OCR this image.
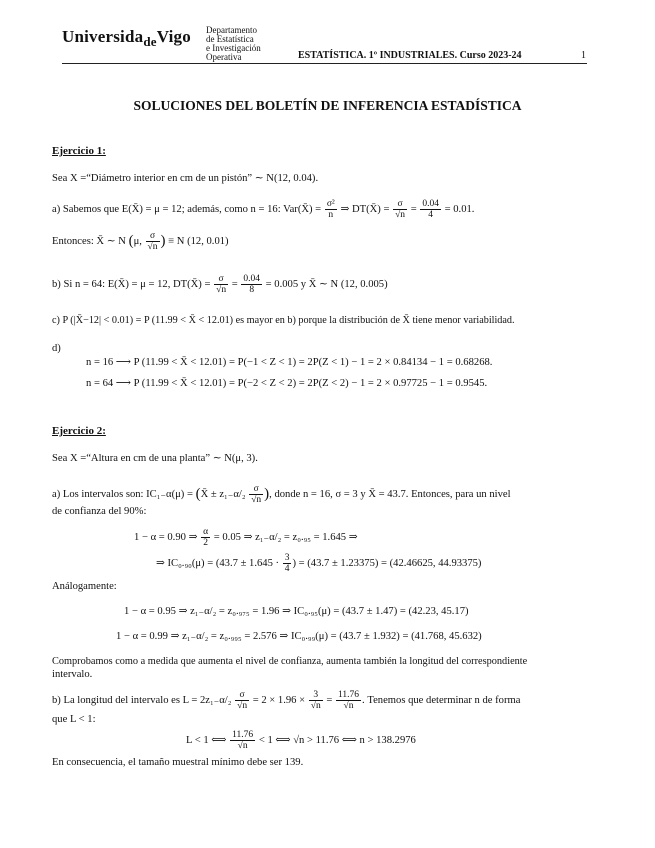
Universida$_{de}$Vigo Departamento
de Estatística
e Investigación
Operativa	ESTATÍSTICA. 1º INDUSTRIALES. Curso 2023-24	1
SOLUCIONES DEL BOLETÍN DE INFERENCIA ESTADÍSTICA
Ejercicio 1:
Sea X =“Diámetro interior en cm de un pistón” ∼ N(12, 0.04).
a) Sabemos que E(X̄) = μ = 12; además, como n = 16: Var(X̄) = $\frac{\text{σ²}}{n}$ ⇒ DT(X̄) = $\frac{\sigma}{√n} = \frac{0.04}{4} = 0.01$.
Entonces: X̄ ∼ N (μ, $\frac{\sigma}{√n}$ ) ≡ N (12, 0.01)
b) Si n = 64: E(X̄) = μ = 12, DT(X̄) = $\frac{\sigma}{√n} = \frac{0.04}{8} = 0.005$ y X̄ ∼ N (12, 0.005)
c) P (|X̄−12| < 0.01) = P (11.99 < X̄ < 12.01) es mayor en b) porque la distribución de X̄ tiene menor variabilidad.
d)
n = 16 ⟶ P (11.99 < X̄ < 12.01) = P(−1 < Z < 1) = 2P(Z < 1) − 1 = 2 × 0.84134 − 1 = 0.68268.
n = 64 ⟶ P (11.99 < X̄ < 12.01) = P(−2 < Z < 2) = 2P(Z < 2) − 1 = 2 × 0.97725 − 1 = 0.9545.
Ejercicio 2:
Sea X =“Altura en cm de una planta” ∼ N(μ, 3).
a) Los intervalos son: IC₁₋α(μ) = (X̄ ± $z_{1-}\alpha/_2 \frac{\sigma}{√n}$ ), donde n = 16, σ = 3 y X̄ = 43.7. Entonces, para un nivel
de confianza del 90%:
1 − α = 0.90 ⇒ $\frac{\alpha}{2} = 0.05$ ⇒ z₁₋α/₂ = z₀.₉₅ = 1.645 ⇒
⇒ $IC_0._{90}(\mu) = (43.7 \pm 1.645 \cdot \frac{3}{4}$ ) = (43.7 ± 1.23375) = (42.46625, 44.93375)
Análogamente:
1 − α = 0.95 ⇒ z₁₋α/₂ = z₀.₉₇₅ = 1.96 ⇒ IC₀.₉₅(μ) = (43.7 ± 1.47) = (42.23, 45.17)
1 − α = 0.99 ⇒ z₁₋α/₂ = z₀.₉₉₅ = 2.576 ⇒ IC₀.₉₉(μ) = (43.7 ± 1.932) = (41.768, 45.632)
Comprobamos como a medida que aumenta el nivel de confianza, aumenta también la longitud del correspondiente
intervalo.
b) La longitud del intervalo es $L = 2z_{1-}\alpha/_2 \frac{\sigma}{√n} = 2 \times 1.96 \times \frac{3}{√n} = \frac{11.76}{√n}$ . Tenemos que determinar n de forma
que L < 1:
L < 1 ⟺ $\frac{11.76}{√n} < 1$ ⟺ √n > 11.76 ⟺ n > 138.2976
En consecuencia, el tamaño muestral mínimo debe ser 139.
